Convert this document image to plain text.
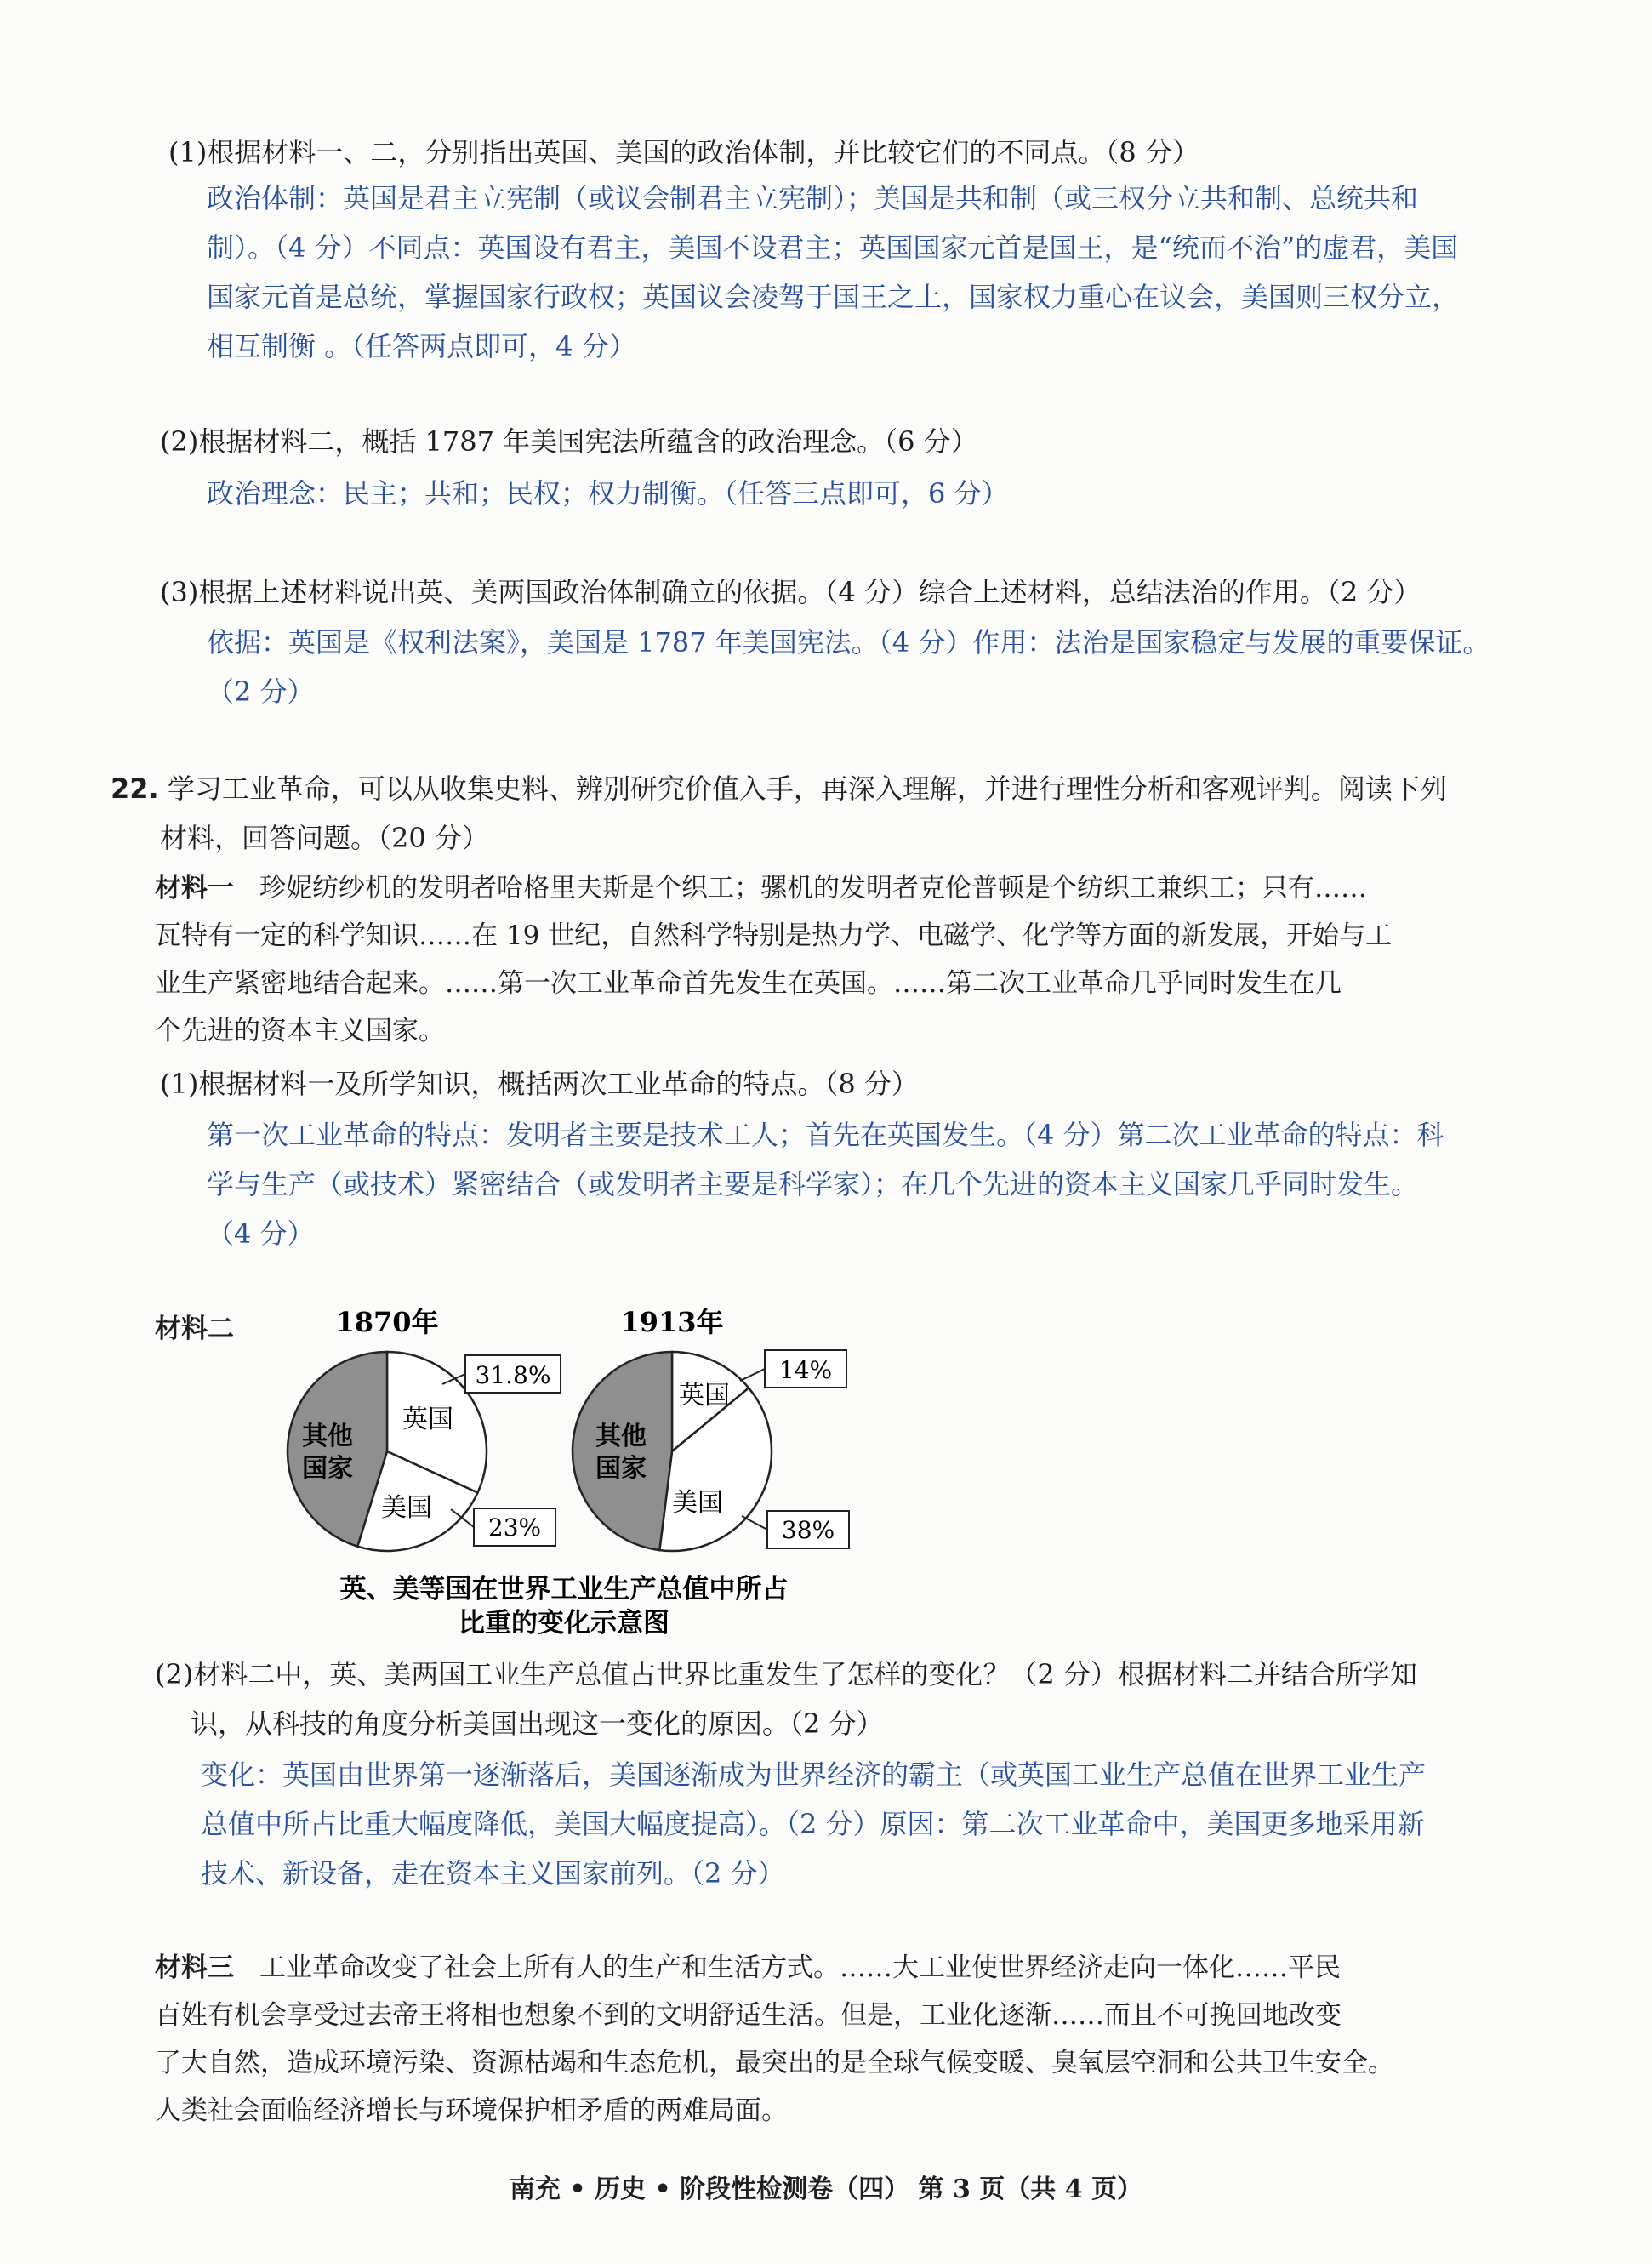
(1)根据材料一、二，分别指出英国、美国的政治体制，并比较它们的不同点。（8 分）
政治体制：英国是君主立宪制（或议会制君主立宪制）；美国是共和制（或三权分立共和制、总统共和
制）。（4 分）不同点：英国设有君主，美国不设君主；英国国家元首是国王，是“统而不治”的虚君，美国
国家元首是总统，掌握国家行政权；英国议会凌驾于国王之上，国家权力重心在议会，美国则三权分立，
相互制衡 。（任答两点即可，4 分）
(2)根据材料二，概括 1787 年美国宪法所蕴含的政治理念。（6 分）
政治理念：民主；共和；民权；权力制衡。（任答三点即可，6 分）
(3)根据上述材料说出英、美两国政治体制确立的依据。（4 分）综合上述材料，总结法治的作用。（2 分）
依据：英国是《权利法案》，美国是 1787 年美国宪法。（4 分）作用：法治是国家稳定与发展的重要保证。
（2 分）
22. 学习工业革命，可以从收集史料、辨别研究价值入手，再深入理解，并进行理性分析和客观评判。阅读下列
材料，回答问题。（20 分）
材料一 珍妮纺纱机的发明者哈格里夫斯是个织工；骡机的发明者克伦普顿是个纺织工兼织工；只有……
瓦特有一定的科学知识……在 19 世纪，自然科学特别是热力学、电磁学、化学等方面的新发展，开始与工
业生产紧密地结合起来。……第一次工业革命首先发生在英国。……第二次工业革命几乎同时发生在几
个先进的资本主义国家。
(1)根据材料一及所学知识，概括两次工业革命的特点。（8 分）
第一次工业革命的特点：发明者主要是技术工人；首先在英国发生。（4 分）第二次工业革命的特点：科
学与生产（或技术）紧密结合（或发明者主要是科学家）；在几个先进的资本主义国家几乎同时发生。
（4 分）
材料二	1870年
31.8%
23%
英国
美国
其他
国家
1913年
14%
38%
英国
美国
其他
国家
英、美等国在世界工业生产总值中所占
比重的变化示意图
(2)材料二中，英、美两国工业生产总值占世界比重发生了怎样的变化？（2 分）根据材料二并结合所学知
识，从科技的角度分析美国出现这一变化的原因。（2 分）
变化：英国由世界第一逐渐落后，美国逐渐成为世界经济的霸主（或英国工业生产总值在世界工业生产
总值中所占比重大幅度降低，美国大幅度提高）。（2 分）原因：第二次工业革命中，美国更多地采用新
技术、新设备，走在资本主义国家前列。（2 分）
材料三 工业革命改变了社会上所有人的生产和生活方式。……大工业使世界经济走向一体化……平民
百姓有机会享受过去帝王将相也想象不到的文明舒适生活。但是，工业化逐渐……而且不可挽回地改变
了大自然，造成环境污染、资源枯竭和生态危机，最突出的是全球气候变暖、臭氧层空洞和公共卫生安全。
人类社会面临经济增长与环境保护相矛盾的两难局面。
南充 • 历史 • 阶段性检测卷（四） 第 3 页（共 4 页）
